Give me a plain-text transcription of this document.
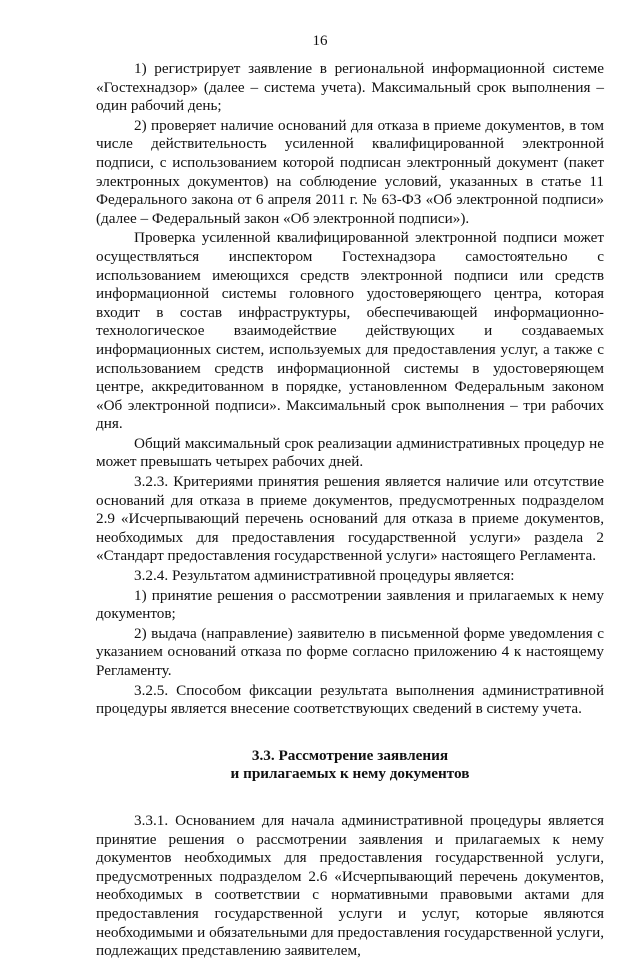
16

1) регистрирует заявление в региональной информационной системе «Гостехнадзор» (далее – система учета). Максимальный срок выполнения – один рабочий день;

2) проверяет наличие оснований для отказа в приеме документов, в том числе действительность усиленной квалифицированной электронной подписи, с использованием которой подписан электронный документ (пакет электронных документов) на соблюдение условий, указанных в статье 11 Федерального закона от 6 апреля 2011 г. № 63-ФЗ «Об электронной подписи» (далее – Федеральный закон «Об электронной подписи»).

Проверка усиленной квалифицированной электронной подписи может осуществляться инспектором Гостехнадзора самостоятельно с использованием имеющихся средств электронной подписи или средств информационной системы головного удостоверяющего центра, которая входит в состав инфраструктуры, обеспечивающей информационно-технологическое взаимодействие действующих и создаваемых информационных систем, используемых для предоставления услуг, а также с использованием средств информационной системы в удостоверяющем центре, аккредитованном в порядке, установленном Федеральным законом «Об электронной подписи». Максимальный срок выполнения – три рабочих дня.

Общий максимальный срок реализации административных процедур не может превышать четырех рабочих дней.

3.2.3. Критериями принятия решения является наличие или отсутствие оснований для отказа в приеме документов, предусмотренных подразделом 2.9 «Исчерпывающий перечень оснований для отказа в приеме документов, необходимых для предоставления государственной услуги» раздела 2 «Стандарт предоставления государственной услуги» настоящего Регламента.

3.2.4. Результатом административной процедуры является:

1) принятие решения о рассмотрении заявления и прилагаемых к нему документов;

2) выдача (направление) заявителю в письменной форме уведомления с указанием оснований отказа по форме согласно приложению 4 к настоящему Регламенту.

3.2.5. Способом фиксации результата выполнения административной процедуры является внесение соответствующих сведений в систему учета.

3.3. Рассмотрение заявления
и прилагаемых к нему документов

3.3.1. Основанием для начала административной процедуры является принятие решения о рассмотрении заявления и прилагаемых к нему документов необходимых для предоставления государственной услуги, предусмотренных подразделом 2.6 «Исчерпывающий перечень документов, необходимых в соответствии с нормативными правовыми актами для предоставления государственной услуги и услуг, которые являются необходимыми и обязательными для предоставления государственной услуги, подлежащих представлению заявителем,
